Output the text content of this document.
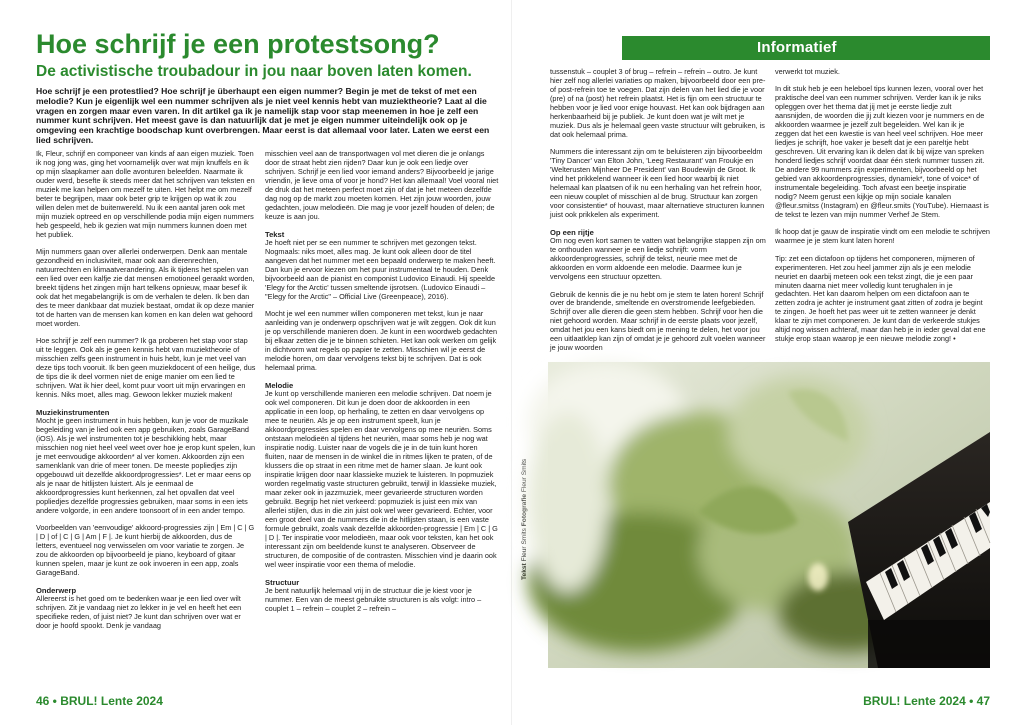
Hoe schrijf je een protestsong?
De activistische troubadour in jou naar boven laten komen.
Hoe schrijf je een protestlied? Hoe schrijf je überhaupt een eigen nummer? Begin je met de tekst of met een melodie? Kun je eigenlijk wel een nummer schrijven als je niet veel kennis hebt van muziektheorie? Laat al die vragen en zorgen maar even varen. In dit artikel ga ik je namelijk stap voor stap meenemen in hoe je zelf een nummer kunt schrijven. Het meest gave is dan natuurlijk dat je met je eigen nummer uiteindelijk ook op je omgeving een krachtige boodschap kunt overbrengen. Maar eerst is dat allemaal voor later. Laten we eerst een lied schrijven.

Ik, Fleur, schrijf en componeer van kinds af aan eigen muziek. Toen ik nog jong was, ging het voornamelijk over wat mijn knuffels en ik op mijn slaapkamer aan dolle avonturen beleefden. Naarmate ik ouder werd, besefte ik steeds meer dat het schrijven van teksten en muziek me kan helpen om mezelf te uiten. Het helpt me om mezelf beter te begrijpen, maar ook beter grip te krijgen op wat ik zou willen delen met de buitenwereld. Nu ik een aantal jaren ook met mijn muziek optreed en op verschillende podia mijn eigen nummers heb gespeeld, heb ik gezien wat mijn nummers kunnen doen met het publiek.

Mijn nummers gaan over allerlei onderwerpen. Denk aan mentale gezondheid en inclusiviteit, maar ook aan dierenrechten, natuurrechten en klimaatverandering. Als ik tijdens het spelen van een lied over een kalfje zie dat mensen emotioneel geraakt worden, breekt tijdens het zingen mijn hart telkens opnieuw, maar besef ik ook dat het megabelangrijk is om de verhalen te delen. Ik ben dan des te meer dankbaar dat muziek bestaat, omdat ik op deze manier tot de harten van de mensen kan komen en kan delen wat gehoord moet worden.

Hoe schrijf je zelf een nummer? Ik ga proberen het stap voor stap uit te leggen. Ook als je geen kennis hebt van muziektheorie of misschien zelfs geen instrument in huis hebt, kun je met veel van deze tips toch vooruit. Ik ben geen muziekdocent of een heilige, dus de tips die ik deel vormen niet de enige manier om een lied te schrijven. Wat ik hier deel, komt puur voort uit mijn ervaringen en kennis. Niks moet, alles mag. Gewoon lekker muziek maken!

Muziekinstrumenten

Mocht je geen instrument in huis hebben, kun je voor de muzikale begeleiding van je lied ook een app gebruiken, zoals GarageBand (iOS). Als je wel instrumenten tot je beschikking hebt, maar misschien nog niet heel veel weet over hoe je erop kunt spelen, kun je met eenvoudige akkoorden* al ver komen. Akkoorden zijn een samenklank van drie of meer tonen. De meeste popliedjes zijn opgebouwd uit dezelfde akkoordprogressies*. Let er maar eens op als je naar de hitlijsten luistert. Als je eenmaal de akkoordprogressies kunt herkennen, zal het opvallen dat veel popliedjes dezelfde progressies gebruiken, maar soms in een iets andere volgorde, in een andere toonsoort of in een ander tempo.

Voorbeelden van 'eenvoudige' akkoord-progressies zijn | Em | C | G | D | of | C | G | Am | F |. Je kunt hierbij de akkoorden, dus de letters, eventueel nog verwisselen om voor variatie te zorgen. Je zou de akkoorden op bijvoorbeeld je piano, keyboard of gitaar kunnen spelen, maar je kunt ze ook invoeren in een app, zoals GarageBand.

Onderwerp

Allereerst is het goed om te bedenken waar je een lied over wilt schrijven. Zit je vandaag niet zo lekker in je vel en heeft het een specifieke reden, of juist niet? Je kunt dan schrijven over wat er door je hoofd spookt. Denk je vandaag

misschien veel aan de transportwagen vol met dieren die je onlangs door de straat hebt zien rijden? Daar kun je ook een liedje over schrijven. Schrijf je een lied voor iemand anders? Bijvoorbeeld je jarige vriendin, je lieve oma of voor je hond? Het kan allemaal! Voel vooral niet de druk dat het meteen perfect moet zijn of dat je het meteen dezelfde dag nog op de markt zou moeten komen. Het zijn jouw woorden, jouw gedachten, jouw melodieën. Die mag je voor jezelf houden of delen; de keuze is aan jou.

Tekst

Je hoeft niet per se een nummer te schrijven met gezongen tekst. Nogmaals: niks moet, alles mag. Je kunt ook alleen door de titel aangeven dat het nummer met een bepaald onderwerp te maken heeft. Dan kun je ervoor kiezen om het puur instrumentaal te houden. Denk bijvoorbeeld aan de pianist en componist Ludovico Einaudi. Hij speelde 'Elegy for the Arctic' tussen smeltende ijsrotsen. (Ludovico Einaudi – "Elegy for the Arctic" – Official Live (Greenpeace), 2016).

Mocht je wel een nummer willen componeren met tekst, kun je naar aanleiding van je onderwerp opschrijven wat je wilt zeggen. Ook dit kun je op verschillende manieren doen. Je kunt in een woordweb gedachten bij elkaar zetten die je te binnen schieten. Het kan ook werken om gelijk in dichtvorm wat regels op papier te zetten. Misschien wil je eerst de melodie horen, om daar vervolgens tekst bij te schrijven. Dat is ook helemaal prima.

Melodie

Je kunt op verschillende manieren een melodie schrijven. Dat noem je ook wel componeren. Dit kun je doen door de akkoorden in een applicatie in een loop, op herhaling, te zetten en daar vervolgens op mee te neuriën. Als je op een instrument speelt, kun je akkoordprogressies spelen en daar vervolgens op mee neuriën. Soms ontstaan melodieën al tijdens het neuriën, maar soms heb je nog wat inspiratie nodig. Luister naar de vogels die je in de tuin kunt horen fluiten, naar de mensen in de winkel die in ritmes lijken te praten, of de klussers die op straat in een ritme met de hamer slaan. Je kunt ook inspiratie krijgen door naar klassieke muziek te luisteren. In popmuziek worden regelmatig vaste structuren gebruikt, terwijl in klassieke muziek, maar zeker ook in jazzmuziek, meer gevarieerde structuren worden gebruikt. Begrijp het niet verkeerd: popmuziek is juist een mix van allerlei stijlen, dus in die zin juist ook wel weer gevarieerd. Echter, voor een groot deel van de nummers die in de hitlijsten staan, is een vaste formule gebruikt, zoals vaak dezelfde akkoorden-progressie | Em | C | G | D |. Ter inspiratie voor melodieën, maar ook voor teksten, kan het ook interessant zijn om beeldende kunst te analyseren. Observeer de structuren, de compositie of de contrasten. Misschien vind je daarin ook wel weer inspiratie voor een thema of melodie.

Structuur

Je bent natuurlijk helemaal vrij in de structuur die je kiest voor je nummer. Een van de meest gebruikte structuren is als volgt: intro – couplet 1 – refrein – couplet 2 – refrein –

46 • BRUL! Lente 2024
Informatief

tussenstuk – couplet 3 of brug – refrein – refrein – outro. Je kunt hier zelf nog allerlei variaties op maken, bijvoorbeeld door een pre- of post-refrein toe te voegen. Dat zijn delen van het lied die je voor (pre) of na (post) het refrein plaatst. Het is fijn om een structuur te hebben voor je lied voor enige houvast. Het kan ook bijdragen aan herkenbaarheid bij je publiek. Je kunt doen wat je wilt met je muziek. Dus als je helemaal geen vaste structuur wilt gebruiken, is dat ook helemaal prima.

Nummers die interessant zijn om te beluisteren zijn bijvoorbeeldm 'Tiny Dancer' van Elton John, 'Leeg Restaurant' van Froukje en 'Welterusten Mijnheer De President' van Boudewijn de Groot. Ik vind het prikkelend wanneer ik een lied hoor waarbij ik niet helemaal kan plaatsen of ik nu een herhaling van het refrein hoor, een nieuw couplet of misschien al de brug. Structuur kan zorgen voor consistentie* of houvast, maar alternatieve structuren kunnen juist ook prikkelen als experiment.

Op een rijtje

Om nog even kort samen te vatten wat belangrijke stappen zijn om te onthouden wanneer je een liedje schrijft: vorm akkoordenprogressies, schrijf de tekst, neurie mee met de akkoorden en vorm aldoende een melodie. Daarmee kun je vervolgens een structuur opzetten.

Gebruik de kennis die je nu hebt om je stem te laten horen! Schrijf over de brandende, smeltende en overstromende leefgebieden. Schrijf over alle dieren die geen stem hebben. Schrijf voor hen die niet gehoord worden. Maar schrijf in de eerste plaats voor jezelf, omdat het jou een kans biedt om je mening te delen, het voor jou een uitlaatklep kan zijn of omdat je je gehoord zult voelen wanneer je jouw woorden

verwerkt tot muziek.

In dit stuk heb je een heleboel tips kunnen lezen, vooral over het praktische deel van een nummer schrijven. Verder kan ik je niks opleggen over het thema dat jij met je eerste liedje zult aansnijden, de woorden die jij zult kiezen voor je nummers en de akkoorden waarmee je jezelf zult begeleiden. Wel kan ik je zeggen dat het een kwestie is van heel veel schrijven. Hoe meer liedjes je schrijft, hoe vaker je beseft dat je een pareltje hebt geschreven. Uit ervaring kan ik delen dat ik bij wijze van spreken honderd liedjes schrijf voordat daar één sterk nummer tussen zit. De andere 99 nummers zijn experimenten, bijvoorbeeld op het gebied van akkoordenprogressies, dynamiek*, tone of voice* of instrumentale begeleiding. Toch afvast een beetje inspiratie nodig? Neem gerust een kijkje op mijn sociale kanalen @fleur.smitss (Instagram) en @fleur.smits (YouTube). Hiernaast is de tekst te lezen van mijn nummer Verhef Je Stem.

Ik hoop dat je gauw de inspiratie vindt om een melodie te schrijven waarmee je je stem kunt laten horen!

Tip: zet een dictafoon op tijdens het componeren, mijmeren of experimenteren. Het zou heel jammer zijn als je een melodie neuriet en daarbij meteen ook een tekst zingt, die je een paar minuten daarna niet meer volledig kunt terughalen in je gedachten. Het kan daarom helpen om een dictafoon aan te zetten zodra je achter je instrument gaat zitten of zodra je begint te zingen. Je hoeft het pas weer uit te zetten wanneer je denkt klaar te zijn met componeren. Je kunt dan de verkeerde stukjes altijd nog wissen achteraf, maar dan heb je in ieder geval dat ene stukje erop staan waarop je een nieuwe melodie zong! •

Tekst Fleur Smits Fotografie Fleur Smits
BRUL! Lente 2024 • 47
